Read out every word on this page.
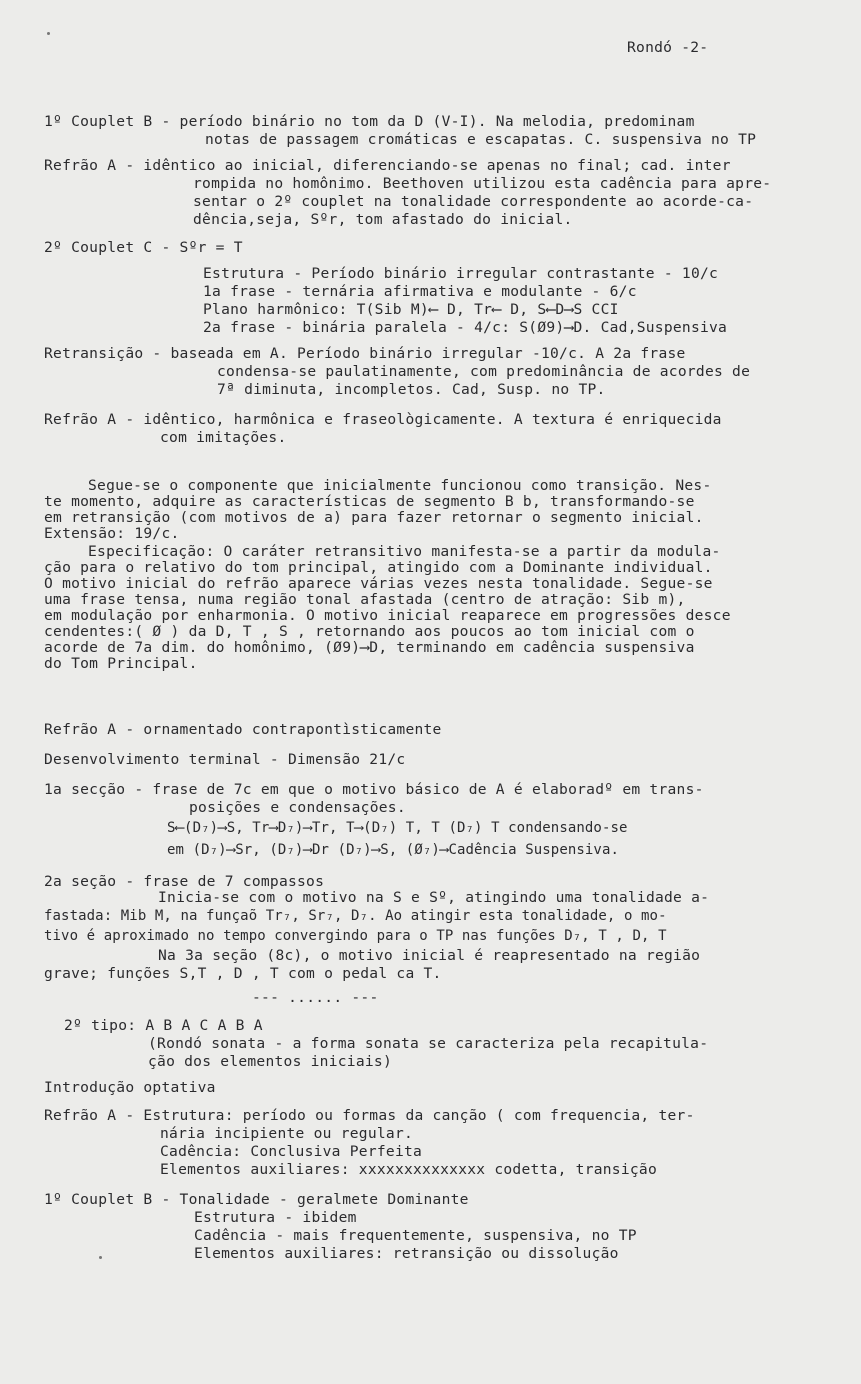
Rondó -2-
1º Couplet B - período binário no tom da D (V-I). Na melodia, predominam
notas de passagem cromáticas e escapatas. C. suspensiva no TP
Refrão A - idêntico ao inicial, diferenciando-se apenas no final; cad. inter
rompida no homônimo. Beethoven utilizou esta cadência para apre-
sentar o 2º couplet na tonalidade correspondente ao acorde-ca-
dência,seja, Sºr, tom afastado do inicial.
2º Couplet C - Sºr = T
Estrutura - Período binário irregular contrastante - 10/c
1a frase - ternária afirmativa e modulante - 6/c
Plano harmônico: T(Sib M)⟵ D, Tr⟵ D, S⟵D⟶S CCI
2a frase - binária paralela - 4/c: S(Ø9)⟶D. Cad,Suspensiva
Retransição - baseada em A. Período binário irregular -10/c. A 2a frase
condensa-se paulatinamente, com predominância de acordes de
7ª diminuta, incompletos. Cad, Susp. no TP.
Refrão A - idêntico, harmônica e fraseològicamente. A textura é enriquecida
com imitações.
Segue-se o componente que inicialmente funcionou como transição. Nes-
te momento, adquire as características de segmento B b, transformando-se
em retransição (com motivos de a) para fazer retornar o segmento inicial.
Extensão: 19/c.
Especificação: O caráter retransitivo manifesta-se a partir da modula-
ção para o relativo do tom principal, atingido com a Dominante individual.
O motivo inicial do refrão aparece várias vezes nesta tonalidade. Segue-se
uma frase tensa, numa região tonal afastada (centro de atração: Sib m),
em modulação por enharmonia. O motivo inicial reaparece em progressões desce
cendentes:( Ø ) da D, T , S , retornando aos poucos ao tom inicial com o
acorde de 7a dim. do homônimo, (Ø9)⟶D, terminando em cadência suspensiva
do Tom Principal.
Refrão A - ornamentado contrapontìsticamente
Desenvolvimento terminal - Dimensão 21/c
1a secção - frase de 7c em que o motivo básico de A é elaboradº em trans-
posições e condensações.
S⟵(D₇)⟶S, Tr⟶D₇)⟶Tr, T⟶(D₇) T, T (D₇) T condensando-se
em (D₇)⟶Sr, (D₇)⟶Dr (D₇)⟶S, (Ø₇)⟶Cadência Suspensiva.
2a seção - frase de 7 compassos
Inicia-se com o motivo na S e Sº, atingindo uma tonalidade a-
fastada: Mib M, na funçaõ Tr₇, Sr₇, D₇. Ao atingir esta tonalidade, o mo-
tivo é aproximado no tempo convergindo para o TP nas funções D₇, T , D, T
Na 3a seção (8c), o motivo inicial é reapresentado na região
grave; funções S,T , D , T com o pedal ca T.
--- ...... ---
2º tipo: A B A C A B A
(Rondó sonata - a forma sonata se caracteriza pela recapitula-
ção dos elementos iniciais)
Introdução optativa
Refrão A - Estrutura: período ou formas da canção ( com frequencia, ter-
nária incipiente ou regular.
Cadência: Conclusiva Perfeita
Elementos auxiliares: xxxxxxxxxxxxxx codetta, transição
1º Couplet B - Tonalidade - geralmete Dominante
Estrutura - ibidem
Cadência - mais frequentemente, suspensiva, no TP
Elementos auxiliares: retransição ou dissolução
